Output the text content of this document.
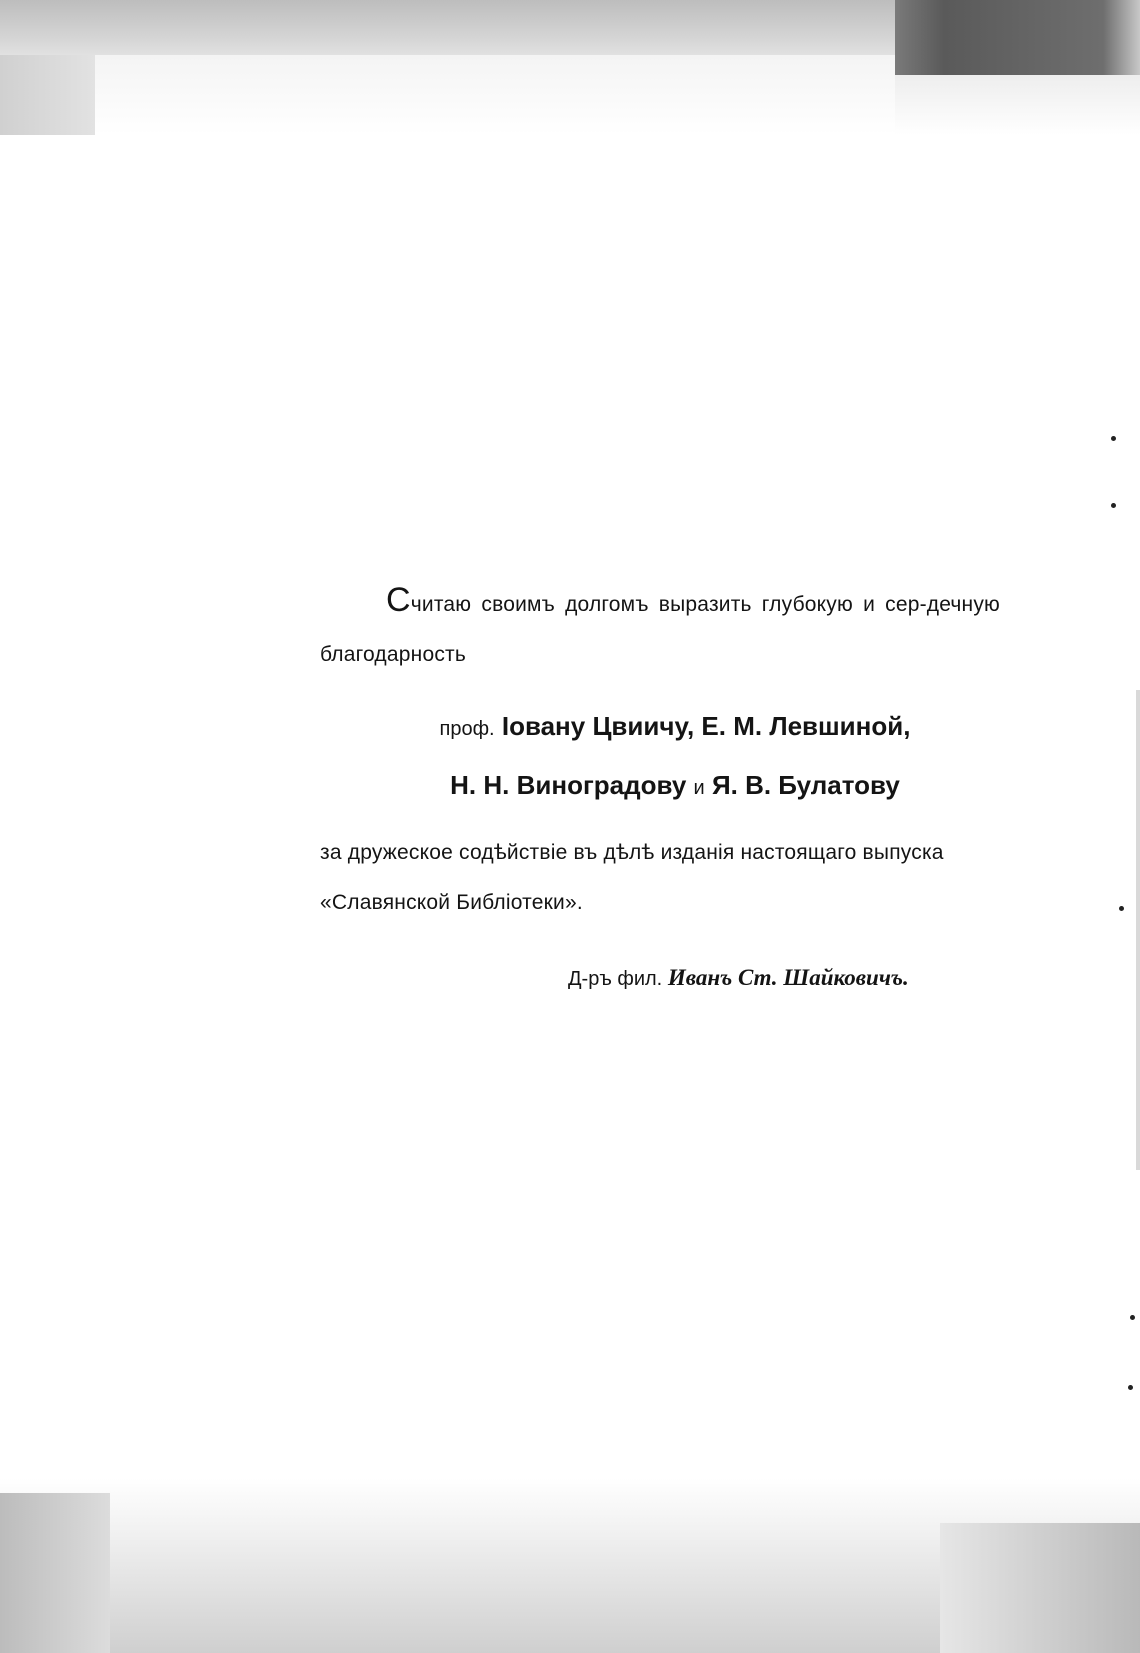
Считаю своимъ долгомъ выразить глубокую и сер-дечную благодарность

проф. Іовану Цвиичу, Е. М. Левшиной,
Н. Н. Виноградову и Я. В. Булатову

за дружеское содѣйствіе въ дѣлѣ изданія настоящаго выпуска «Славянской Библіотеки».

Д-ръ фил. Иванъ Ст. Шайковичъ.
